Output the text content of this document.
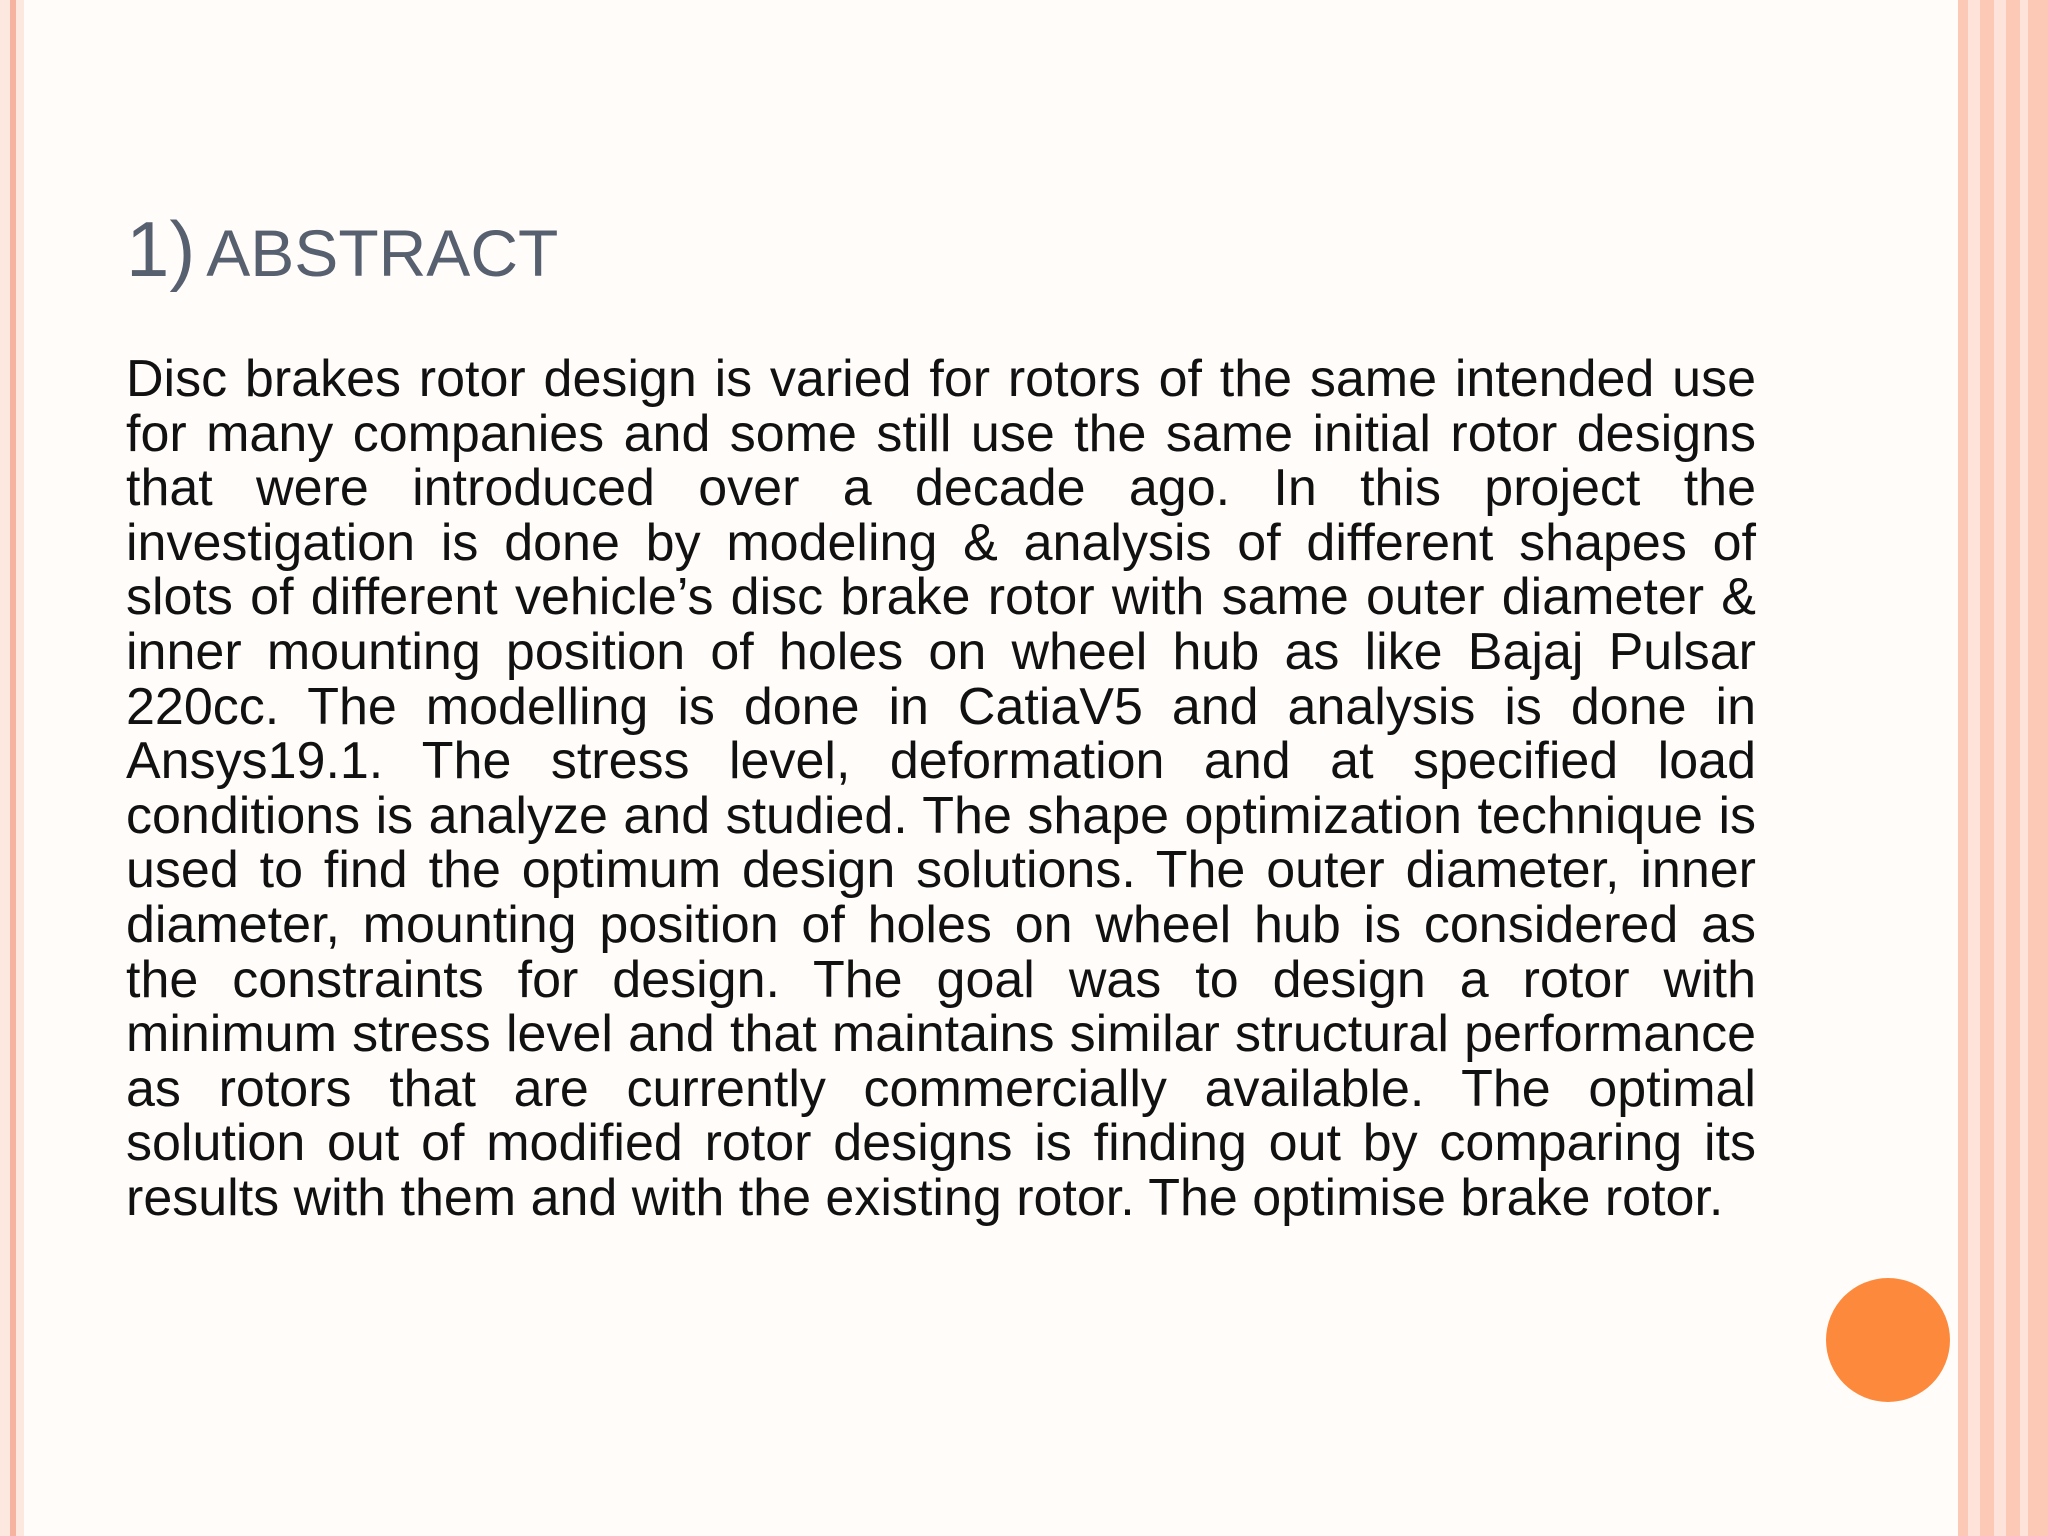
1) ABSTRACT

Disc brakes rotor design is varied for rotors of the same intended use for many companies and some still use the same initial rotor designs that were introduced over a decade ago. In this project the investigation is done by modeling & analysis of different shapes of slots of different vehicle’s disc brake rotor with same outer diameter & inner mounting position of holes on wheel hub as like Bajaj Pulsar 220cc. The modelling is done in CatiaV5 and analysis is done in Ansys19.1. The stress level, deformation and at specified load conditions is analyze and studied. The shape optimization technique is used to find the optimum design solutions. The outer diameter, inner diameter, mounting position of holes on wheel hub is considered as the constraints for design. The goal was to design a rotor with minimum stress level and that maintains similar structural performance as rotors that are currently commercially available. The optimal solution out of modified rotor designs is finding out by comparing its results with them and with the existing rotor. The optimise brake rotor.
